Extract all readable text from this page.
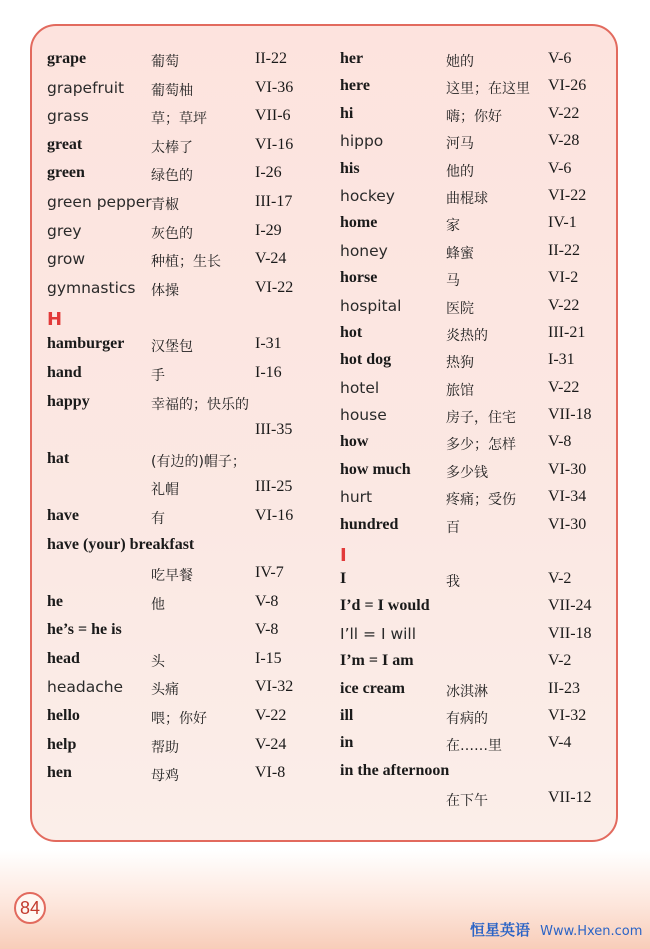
grape	葡萄	II-22
grapefruit 葡萄柚	VI-36
grass	草；草坪	VII-6
great	太棒了	VI-16
green	绿色的	I-26
green pepper 青椒	III-17
grey	灰色的	I-29
grow	种植；生长 V-24
gymnastics 体操	VI-22
H
hamburger 汉堡包	I-31
hand	手	I-16
happy	幸福的；快乐的
III-35
hat	(有边的)帽子；
礼帽	III-25
have	有	VI-16
have (your) breakfast
吃早餐	IV-7
he	他	V-8
he’s = he is	V-8
head	头	I-15
headache 头痛	VI-32
hello	喂；你好	V-22
help	帮助	V-24
hen	母鸡	VI-8
her	她的	V-6
here	这里；在这里 VI-26
hi	嗨；你好	V-22
hippo	河马	V-28
his	他的	V-6
hockey	曲棍球	VI-22
home	家	IV-1
honey	蜂蜜	II-22
horse	马	VI-2
hospital	医院	V-22
hot	炎热的	III-21
hot dog	热狗	I-31
hotel	旅馆	V-22
house	房子，住宅 VII-18
how	多少；怎样 V-8
how much	多少钱	VI-30
hurt	疼痛；受伤 VI-34
hundred	百	VI-30
I
I	我	V-2
I’d = I would	VII-24
I’ll = I will	VII-18
I’m = I am	V-2
ice cream	冰淇淋	II-23
ill	有病的	VI-32
in	在……里	V-4
in the afternoon
在下午	VII-12
84
恒星英语 Www.Hxen.com
